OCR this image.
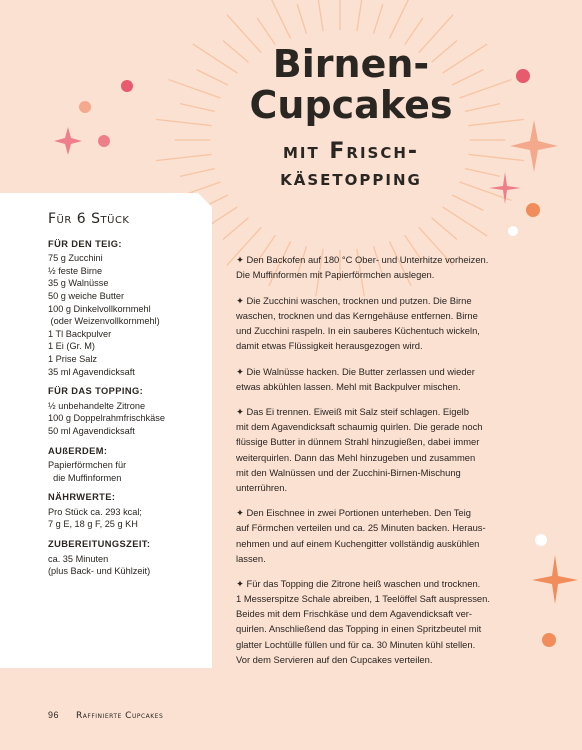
Birnen-
Cupcakes
mit Frisch-
käsetopping
Für 6 Stück
FÜR DEN TEIG:
75 g Zucchini
½ feste Birne
35 g Walnüsse
50 g weiche Butter
100 g Dinkelvollkornmehl
(oder Weizenvollkornmehl)
1 Tl Backpulver
1 Ei (Gr. M)
1 Prise Salz
35 ml Agavendicksaft
FÜR DAS TOPPING:
½ unbehandelte Zitrone
100 g Doppelrahmfrischkäse
50 ml Agavendicksaft
AUßERDEM:
Papierförmchen für
die Muffinformen
NÄHRWERTE:
Pro Stück ca. 293 kcal;
7 g E, 18 g F, 25 g KH
ZUBEREITUNGSZEIT:
ca. 35 Minuten
(plus Back- und Kühlzeit)
✦ Den Backofen auf 180 °C Ober- und Unterhitze vorheizen.
Die Muffinformen mit Papierförmchen auslegen.
✦ Die Zucchini waschen, trocknen und putzen. Die Birne
waschen, trocknen und das Kerngehäuse entfernen. Birne
und Zucchini raspeln. In ein sauberes Küchentuch wickeln,
damit etwas Flüssigkeit herausgezogen wird.
✦ Die Walnüsse hacken. Die Butter zerlassen und wieder
etwas abkühlen lassen. Mehl mit Backpulver mischen.
✦ Das Ei trennen. Eiweiß mit Salz steif schlagen. Eigelb
mit dem Agavendicksaft schaumig quirlen. Die gerade noch
flüssige Butter in dünnem Strahl hinzugießen, dabei immer
weiterquirlen. Dann das Mehl hinzugeben und zusammen
mit den Walnüssen und der Zucchini-Birnen-Mischung
unterrühren.
✦ Den Eischnee in zwei Portionen unterheben. Den Teig
auf Förmchen verteilen und ca. 25 Minuten backen. Heraus-
nehmen und auf einem Kuchengitter vollständig auskühlen
lassen.
✦ Für das Topping die Zitrone heiß waschen und trocknen.
1 Messerspitze Schale abreiben, 1 Teelöffel Saft auspressen.
Beides mit dem Frischkäse und dem Agavendicksaft ver-
quirlen. Anschließend das Topping in einen Spritzbeutel mit
glatter Lochtülle füllen und für ca. 30 Minuten kühl stellen.
Vor dem Servieren auf den Cupcakes verteilen.
96 Raffinierte Cupcakes
